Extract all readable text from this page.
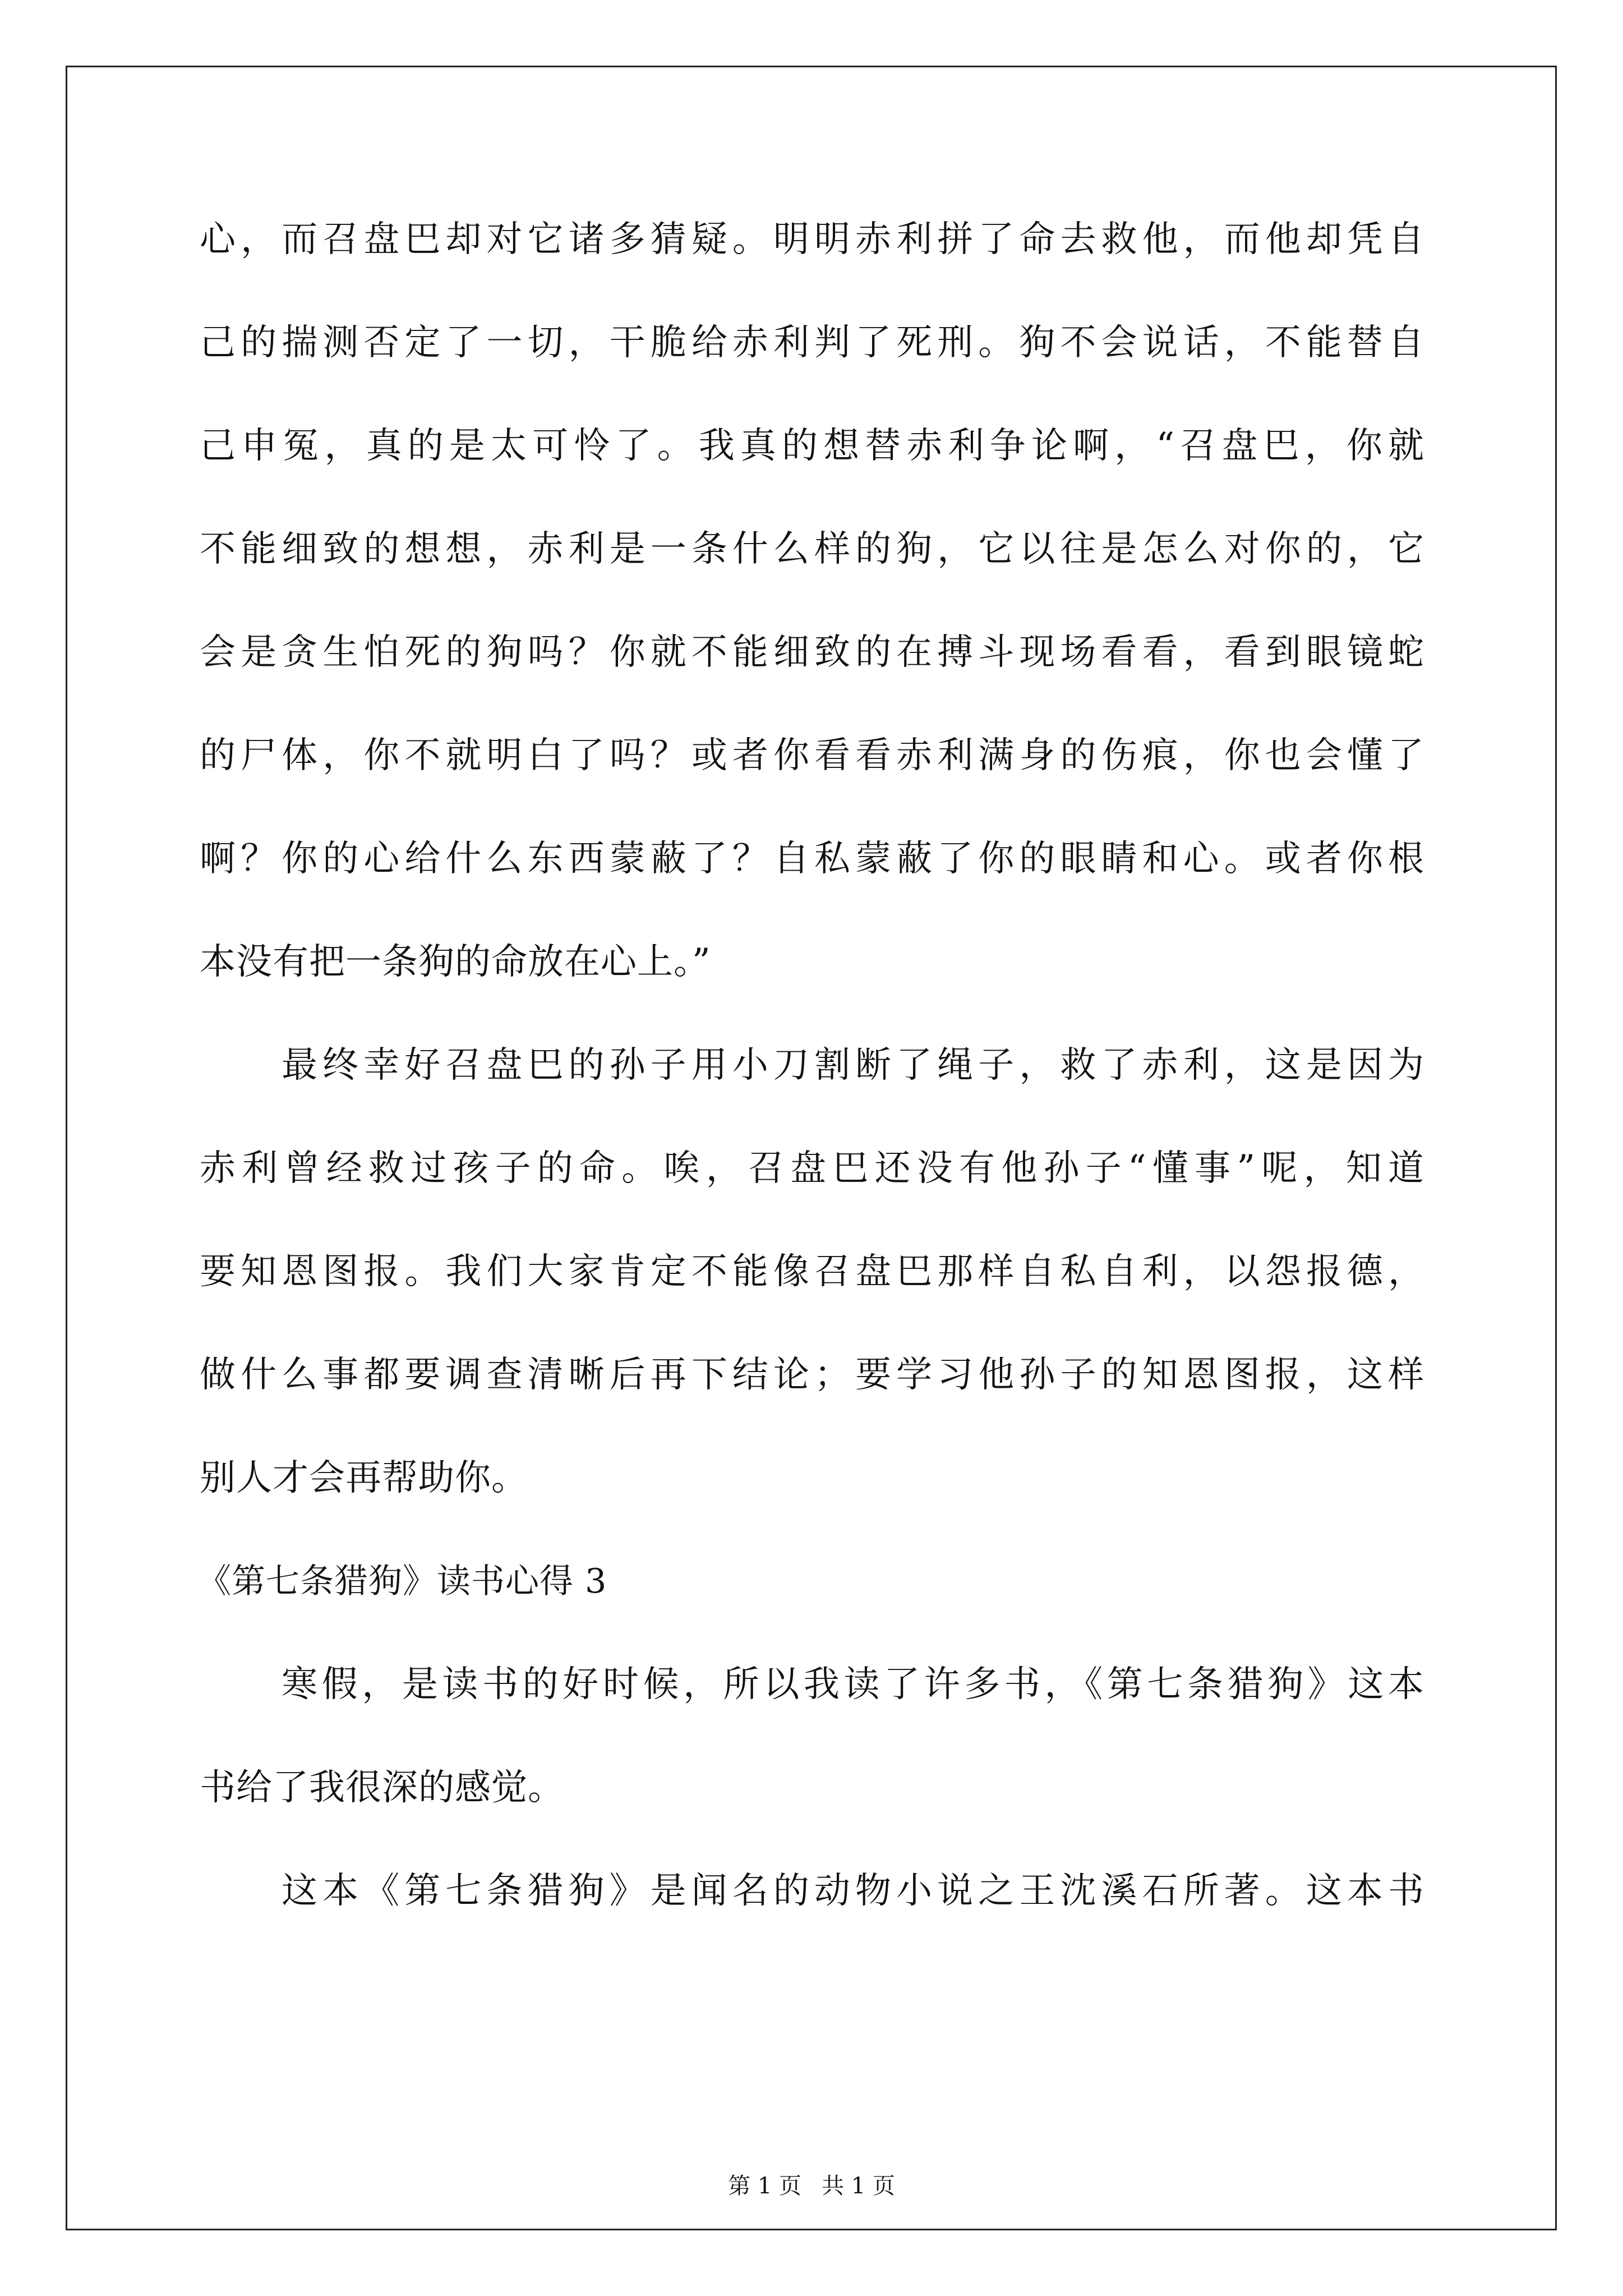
心，而召盘巴却对它诸多猜疑。明明赤利拼了命去救他，而他却凭自
己的揣测否定了一切，干脆给赤利判了死刑。狗不会说话，不能替自
己申冤，真的是太可怜了。我真的想替赤利争论啊，“召盘巴，你就
不能细致的想想，赤利是一条什么样的狗，它以往是怎么对你的，它
会是贪生怕死的狗吗？你就不能细致的在搏斗现场看看，看到眼镜蛇
的尸体，你不就明白了吗？或者你看看赤利满身的伤痕，你也会懂了
啊？你的心给什么东西蒙蔽了？自私蒙蔽了你的眼睛和心。或者你根
本没有把一条狗的命放在心上。”
最终幸好召盘巴的孙子用小刀割断了绳子，救了赤利，这是因为
赤利曾经救过孩子的命。唉，召盘巴还没有他孙子“懂事”呢，知道
要知恩图报。我们大家肯定不能像召盘巴那样自私自利，以怨报德，
做什么事都要调查清晰后再下结论；要学习他孙子的知恩图报，这样
别人才会再帮助你。
《第七条猎狗》读书心得 3
寒假，是读书的好时候，所以我读了许多书，《第七条猎狗》这本
书给了我很深的感觉。
这本《第七条猎狗》是闻名的动物小说之王沈溪石所著。这本书
第 1 页 共 1 页
